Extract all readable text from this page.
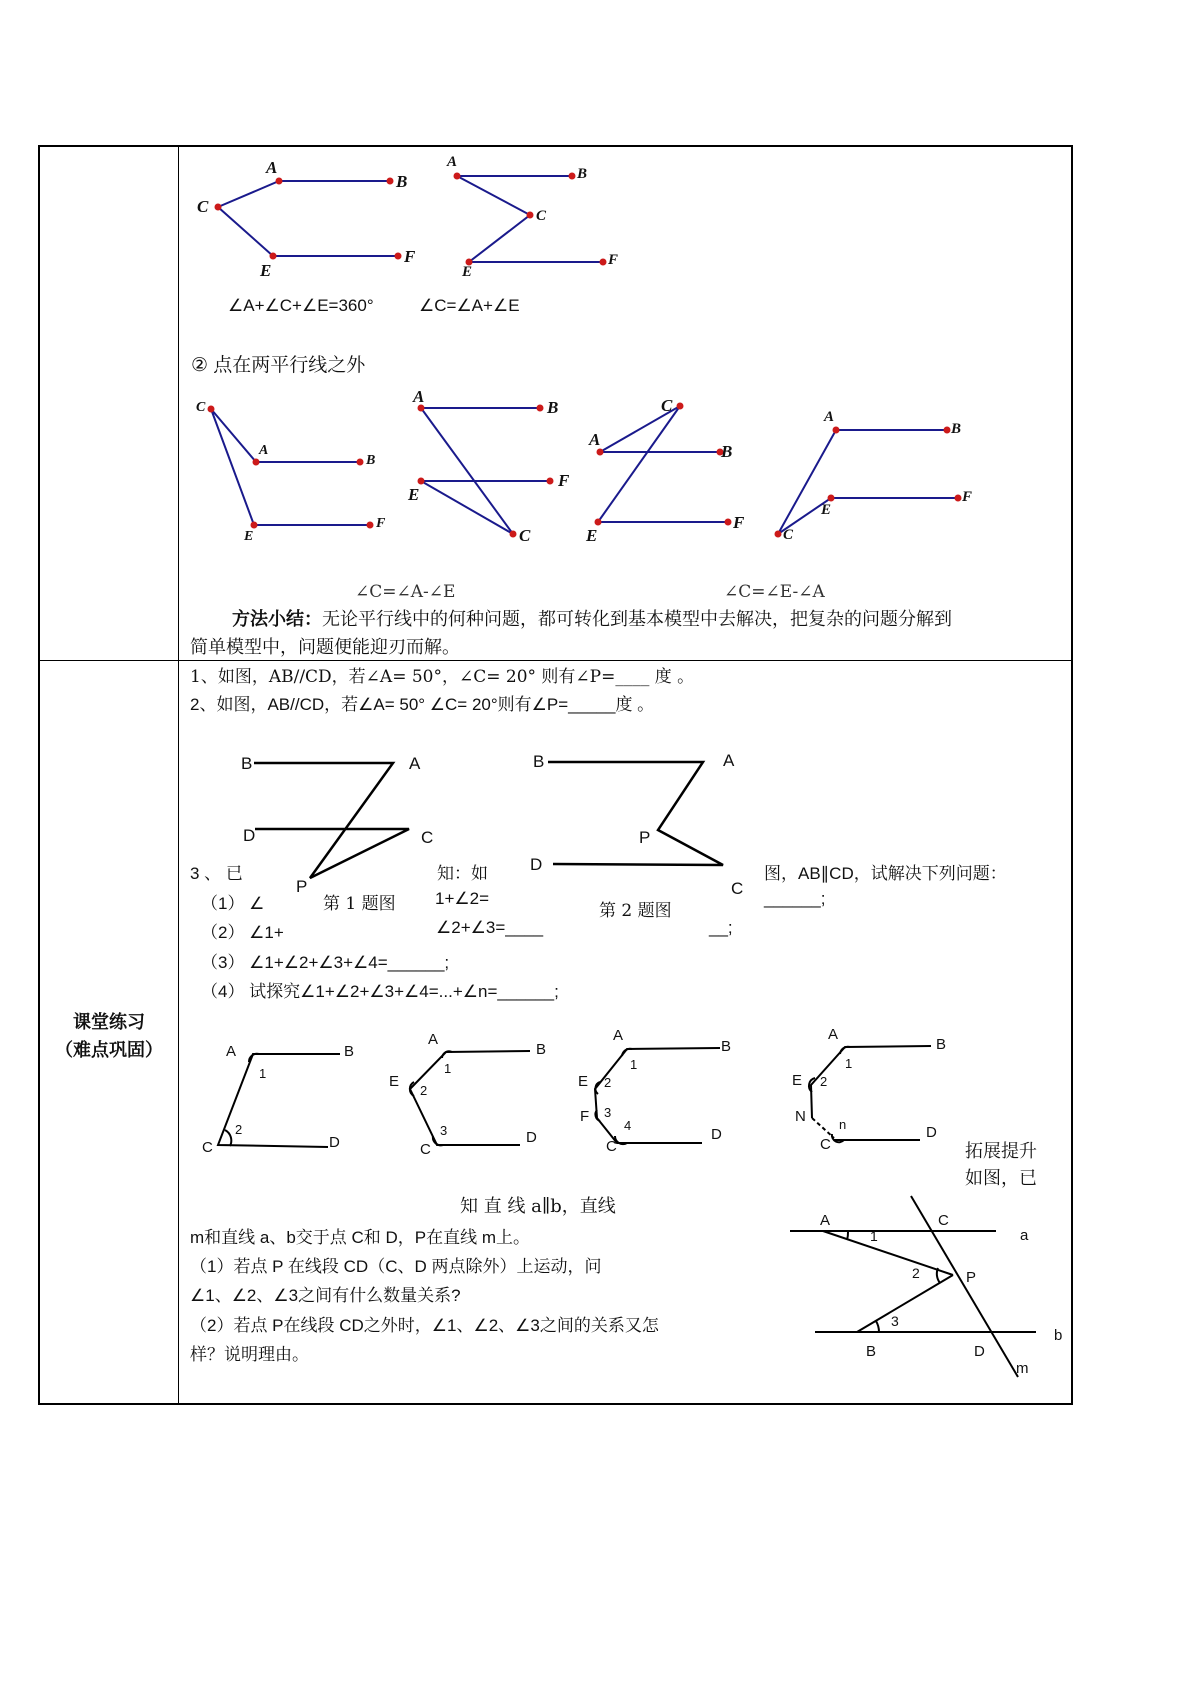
课堂练习
（难点巩固）
A
B
C
E
F
A
B
C
E
F
∠A+∠C+∠E=360°	∠C=∠A+∠E
② 点在两平行线之外
C
A
B
E
F
A
B
E
F
C
C
A
B
E
F
A
B
E
F
C
∠C=∠A-∠E	∠C=∠E-∠A
方法小结：无论平行线中的何种问题，都可转化到基本模型中去解决，把复杂的问题分解到
简单模型中，问题便能迎刃而解。
1、如图，AB//CD，若∠A= 50°，∠C= 20° 则有∠P=____ 度 。
2、如图，AB//CD，若∠A= 50° ∠C= 20°则有∠P=_____度 。
B	A
D	C
P
第 1 题图
B	A
P
D
C
第 2 题图
3 、 已	知：如	图，AB∥CD，试解决下列问题：
（1） ∠	1+∠2=	______;
（2） ∠1+	∠2+∠3=____	__;
（3） ∠1+∠2+∠3+∠4=______;
（4） 试探究∠1+∠2+∠3+∠4=...+∠n=______;
A	B
1
2
C	D
A
B
1
E
2
3
C
D
A
B
1
E 2
F 3
4
C
D
A
B
1
E 2
N	n
C
D
拓展提升
如图，已
知 直 线 a∥b，直线
m和直线 a、b交于点 C和 D，P在直线 m上。
（1）若点 P 在线段 CD（C、D 两点除外）上运动，问
∠1、∠2、∠3之间有什么数量关系?
（2）若点 P在线段 CD之外时，∠1、∠2、∠3之间的关系又怎
样？说明理由。
A	C
a
1
2	P
3
b
B	D
m
